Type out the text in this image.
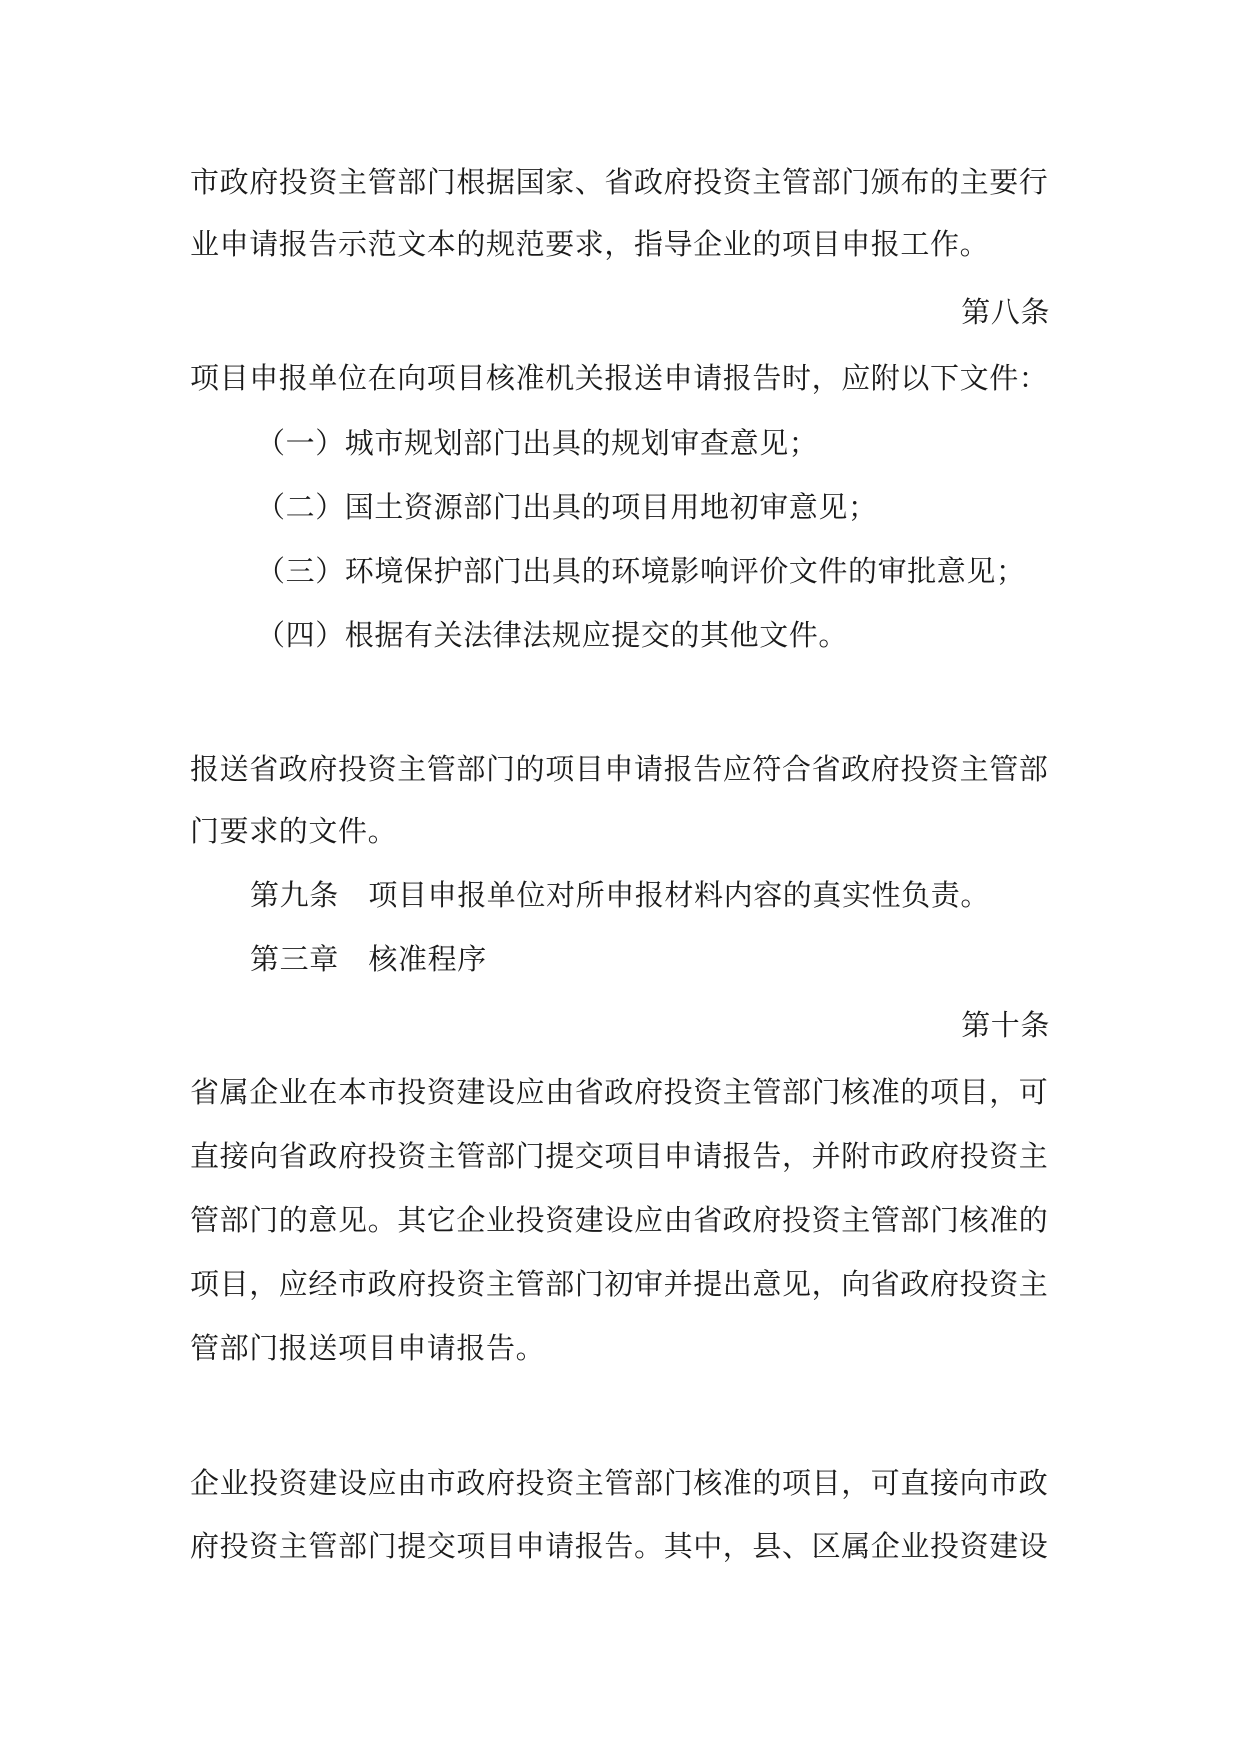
市政府投资主管部门根据国家、省政府投资主管部门颁布的主要行
业申请报告示范文本的规范要求，指导企业的项目申报工作。
第八条
项目申报单位在向项目核准机关报送申请报告时，应附以下文件：
（一）城市规划部门出具的规划审查意见；
（二）国土资源部门出具的项目用地初审意见；
（三）环境保护部门出具的环境影响评价文件的审批意见；
（四）根据有关法律法规应提交的其他文件。
报送省政府投资主管部门的项目申请报告应符合省政府投资主管部
门要求的文件。
第九条　项目申报单位对所申报材料内容的真实性负责。
第三章　核准程序
第十条
省属企业在本市投资建设应由省政府投资主管部门核准的项目，可
直接向省政府投资主管部门提交项目申请报告，并附市政府投资主
管部门的意见。其它企业投资建设应由省政府投资主管部门核准的
项目，应经市政府投资主管部门初审并提出意见，向省政府投资主
管部门报送项目申请报告。
企业投资建设应由市政府投资主管部门核准的项目，可直接向市政
府投资主管部门提交项目申请报告。其中，县、区属企业投资建设
